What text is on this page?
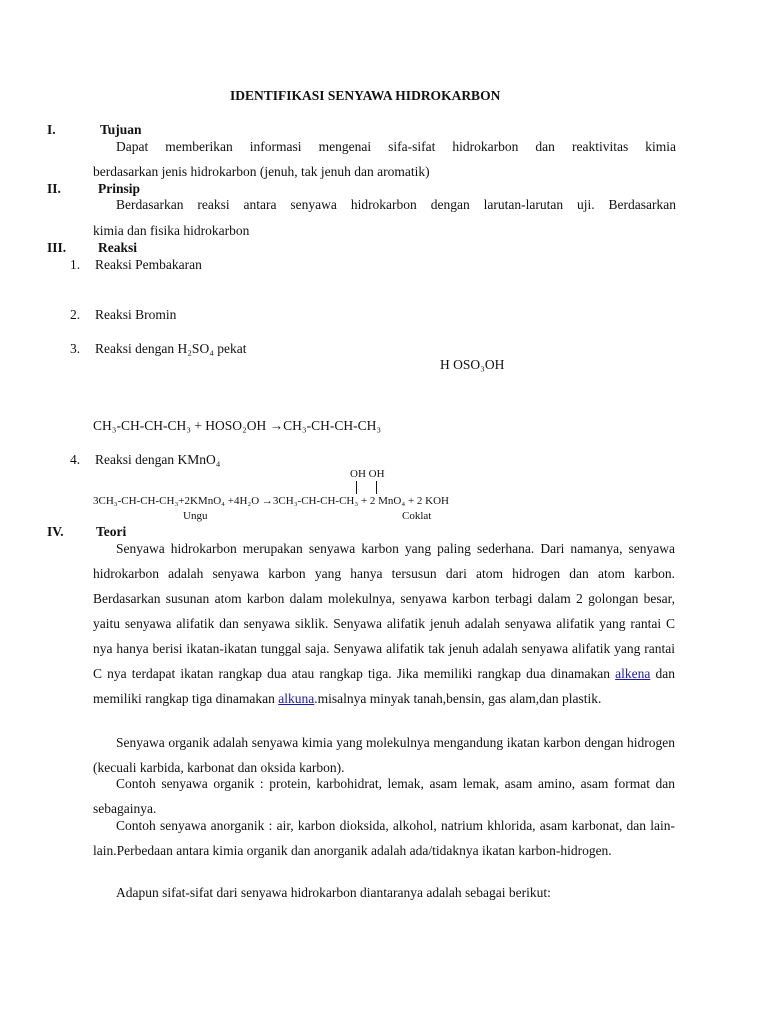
IDENTIFIKASI SENYAWA HIDROKARBON
I.	Tujuan
Dapat memberikan informasi mengenai sifa-sifat hidrokarbon dan reaktivitas kimia
berdasarkan jenis hidrokarbon (jenuh, tak jenuh dan aromatik)
II.	Prinsip
Berdasarkan reaksi antara senyawa hidrokarbon dengan larutan-larutan uji. Berdasarkan
kimia dan fisika hidrokarbon
III. Reaksi
1. Reaksi Pembakaran
2. Reaksi Bromin
3. Reaksi dengan H₂SO₄ pekat
H OSO₃OH
CH₃-CH-CH-CH₃ + HOSO₂OH →CH₃-CH-CH-CH₃
4. Reaksi dengan KMnO₄
OH OH
3CH₃-CH-CH-CH₃+2KMnO₄ +4H₂O →3CH₃-CH-CH-CH₃ + 2 MnO₄ + 2 KOH
Ungu	Coklat
IV. Teori
Senyawa hidrokarbon merupakan senyawa karbon yang paling sederhana. Dari namanya, senyawa hidrokarbon adalah senyawa karbon yang hanya tersusun dari atom hidrogen dan atom karbon. Berdasarkan susunan atom karbon dalam molekulnya, senyawa karbon terbagi dalam 2 golongan besar, yaitu senyawa alifatik dan senyawa siklik. Senyawa alifatik jenuh adalah senyawa alifatik yang rantai C nya hanya berisi ikatan-ikatan tunggal saja. Senyawa alifatik tak jenuh adalah senyawa alifatik yang rantai C nya terdapat ikatan rangkap dua atau rangkap tiga. Jika memiliki rangkap dua dinamakan alkena dan memiliki rangkap tiga dinamakan alkuna.misalnya minyak tanah,bensin, gas alam,dan plastik.
Senyawa organik adalah senyawa kimia yang molekulnya mengandung ikatan karbon dengan hidrogen (kecuali karbida, karbonat dan oksida karbon).
Contoh senyawa organik : protein, karbohidrat, lemak, asam lemak, asam amino, asam format dan sebagainya.
Contoh senyawa anorganik : air, karbon dioksida, alkohol, natrium khlorida, asam karbonat, dan lain-lain.Perbedaan antara kimia organik dan anorganik adalah ada/tidaknya ikatan karbon-hidrogen.
Adapun sifat-sifat dari senyawa hidrokarbon diantaranya adalah sebagai berikut:
